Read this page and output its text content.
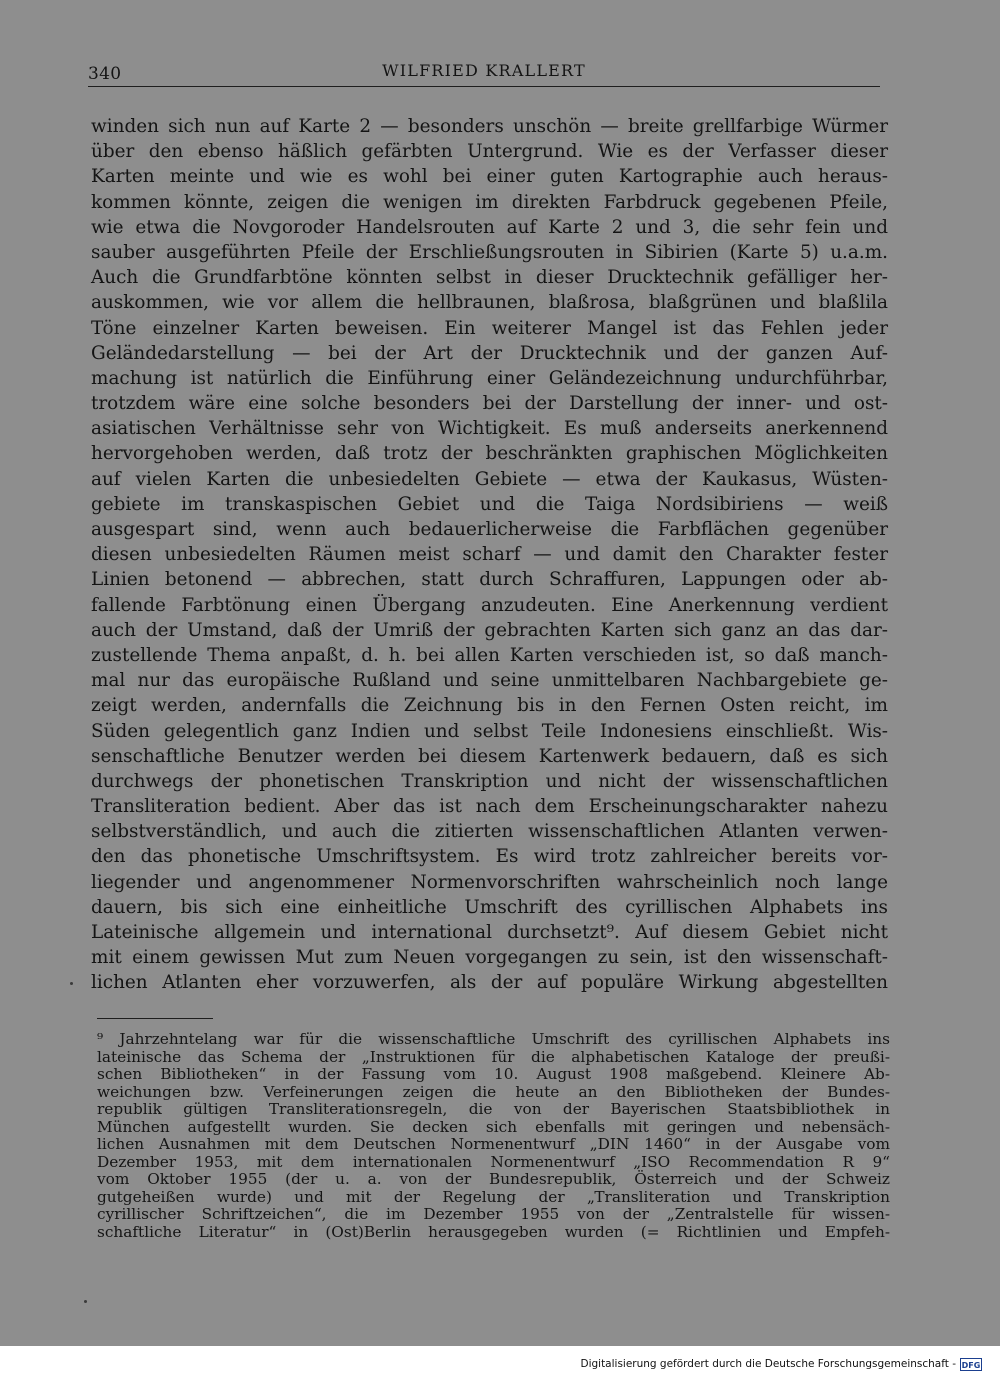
340	WILFRIED KRALLERT
winden sich nun auf Karte 2 — besonders unschön — breite grellfarbige Würmer
über den ebenso häßlich gefärbten Untergrund. Wie es der Verfasser dieser
Karten meinte und wie es wohl bei einer guten Kartographie auch heraus-
kommen könnte, zeigen die wenigen im direkten Farbdruck gegebenen Pfeile,
wie etwa die Novgoroder Handelsrouten auf Karte 2 und 3, die sehr fein und
sauber ausgeführten Pfeile der Erschließungsrouten in Sibirien (Karte 5) u.a.m.
Auch die Grundfarbtöne könnten selbst in dieser Drucktechnik gefälliger her-
auskommen, wie vor allem die hellbraunen, blaßrosa, blaßgrünen und blaßlila
Töne einzelner Karten beweisen. Ein weiterer Mangel ist das Fehlen jeder
Geländedarstellung — bei der Art der Drucktechnik und der ganzen Auf-
machung ist natürlich die Einführung einer Geländezeichnung undurchführbar,
trotzdem wäre eine solche besonders bei der Darstellung der inner- und ost-
asiatischen Verhältnisse sehr von Wichtigkeit. Es muß anderseits anerkennend
hervorgehoben werden, daß trotz der beschränkten graphischen Möglichkeiten
auf vielen Karten die unbesiedelten Gebiete — etwa der Kaukasus, Wüsten-
gebiete im transkaspischen Gebiet und die Taiga Nordsibiriens — weiß
ausgespart sind, wenn auch bedauerlicherweise die Farbflächen gegenüber
diesen unbesiedelten Räumen meist scharf — und damit den Charakter fester
Linien betonend — abbrechen, statt durch Schraffuren, Lappungen oder ab-
fallende Farbtönung einen Übergang anzudeuten. Eine Anerkennung verdient
auch der Umstand, daß der Umriß der gebrachten Karten sich ganz an das dar-
zustellende Thema anpaßt, d. h. bei allen Karten verschieden ist, so daß manch-
mal nur das europäische Rußland und seine unmittelbaren Nachbargebiete ge-
zeigt werden, andernfalls die Zeichnung bis in den Fernen Osten reicht, im
Süden gelegentlich ganz Indien und selbst Teile Indonesiens einschließt. Wis-
senschaftliche Benutzer werden bei diesem Kartenwerk bedauern, daß es sich
durchwegs der phonetischen Transkription und nicht der wissenschaftlichen
Transliteration bedient. Aber das ist nach dem Erscheinungscharakter nahezu
selbstverständlich, und auch die zitierten wissenschaftlichen Atlanten verwen-
den das phonetische Umschriftsystem. Es wird trotz zahlreicher bereits vor-
liegender und angenommener Normenvorschriften wahrscheinlich noch lange
dauern, bis sich eine einheitliche Umschrift des cyrillischen Alphabets ins
Lateinische allgemein und international durchsetzt⁹. Auf diesem Gebiet nicht
mit einem gewissen Mut zum Neuen vorgegangen zu sein, ist den wissenschaft-
lichen Atlanten eher vorzuwerfen, als der auf populäre Wirkung abgestellten
⁹ Jahrzehntelang war für die wissenschaftliche Umschrift des cyrillischen Alphabets ins
lateinische das Schema der „Instruktionen für die alphabetischen Kataloge der preußi-
schen Bibliotheken“ in der Fassung vom 10. August 1908 maßgebend. Kleinere Ab-
weichungen bzw. Verfeinerungen zeigen die heute an den Bibliotheken der Bundes-
republik gültigen Transliterationsregeln, die von der Bayerischen Staatsbibliothek in
München aufgestellt wurden. Sie decken sich ebenfalls mit geringen und nebensäch-
lichen Ausnahmen mit dem Deutschen Normenentwurf „DIN 1460“ in der Ausgabe vom
Dezember 1953, mit dem internationalen Normenentwurf „ISO Recommendation R 9“
vom Oktober 1955 (der u. a. von der Bundesrepublik, Österreich und der Schweiz
gutgeheißen wurde) und mit der Regelung der „Transliteration und Transkription
cyrillischer Schriftzeichen“, die im Dezember 1955 von der „Zentralstelle für wissen-
schaftliche Literatur“ in (Ost)Berlin herausgegeben wurden (= Richtlinien und Empfeh-
Digitalisierung gefördert durch die Deutsche Forschungsgemeinschaft - DFG
